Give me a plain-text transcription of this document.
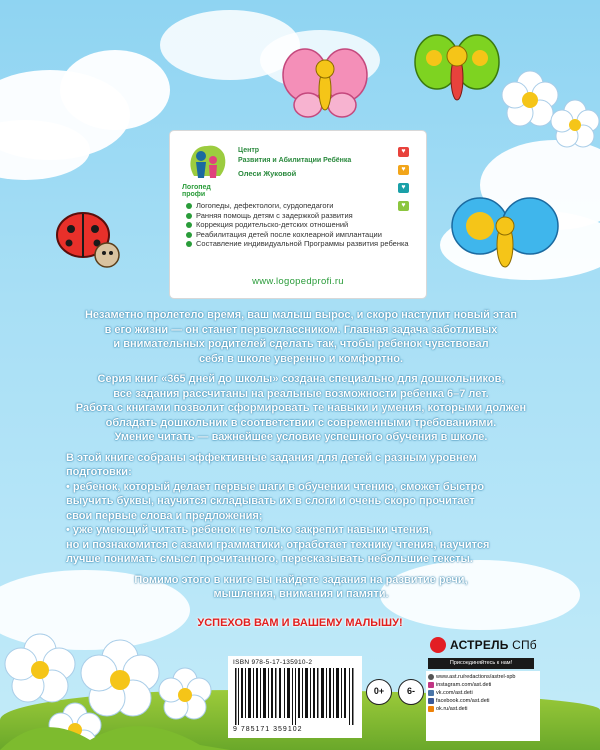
Логопед
профи
Центр
Развития и Абилитации Ребёнка
Олеси Жуковой
♥
♥
♥
♥
Логопеды, дефектологи, сурдопедагоги
Ранняя помощь детям с задержкой развития
Коррекция родительско-детских отношений
Реабилитация детей после кохлеарной имплантации
Составление индивидуальной Программы развития ребенка
www.logopedprofi.ru

Незаметно пролетело время, ваш малыш вырос, и скоро наступит новый этап

в его жизни — он станет первоклассником. Главная задача заботливых

и внимательных родителей сделать так, чтобы ребенок чувствовал

себя в школе уверенно и комфортно.

Серия книг «365 дней до школы» создана специально для дошкольников,

все задания рассчитаны на реальные возможности ребенка 6–7 лет.

Работа с книгами позволит сформировать те навыки и умения, которыми должен

обладать дошкольник в соответствии с современными требованиями.

Умение читать — важнейшее условие успешного обучения в школе.

В этой книге собраны эффективные задания для детей с разным уровнем

подготовки:

• ребенок, который делает первые шаги в обучении чтению, сможет быстро

выучить буквы, научится складывать их в слоги и очень скоро прочитает

свои первые слова и предложения;

• уже умеющий читать ребенок не только закрепит навыки чтения,

но и познакомится с азами грамматики, отработает технику чтения, научится

лучше понимать смысл прочитанного, пересказывать небольшие тексты.

Помимо этого в книге вы найдете задания на развитие речи,

мышления, внимания и памяти.

УСПЕХОВ ВАМ И ВАШЕМУ МАЛЫШУ!
ISBN 978-5-17-135910-2
9 785171 359102
0+	6-
АСТРЕЛЬ СПб
Присоединяйтесь к нам!
www.ast.ru/redactions/astrel-spb
instagram.com/ast.deti
vk.com/ast.deti
facebook.com/ast.deti
ok.ru/ast.deti
